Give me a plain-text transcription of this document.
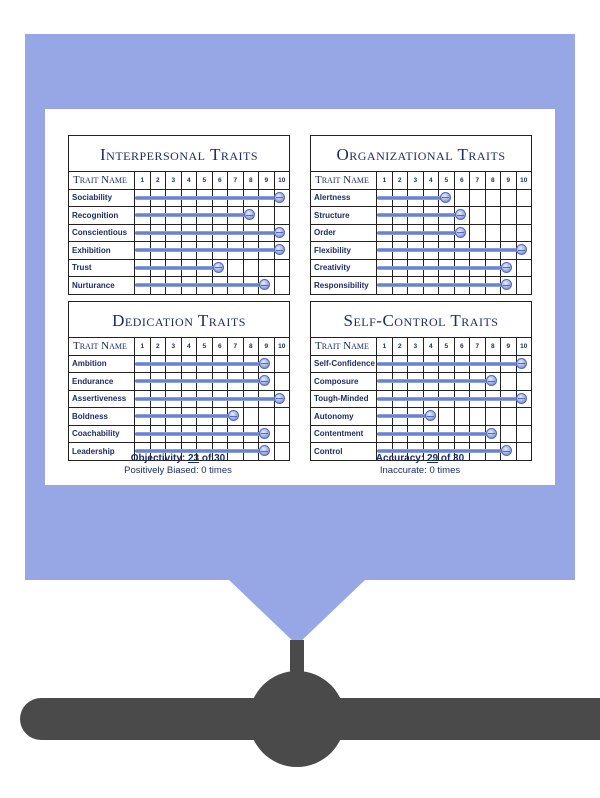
Interpersonal Traits
Trait Name	1	2	3	4	5	6	7	8	9	10
Sociability
Recognition
Conscientious
Exhibition
Trust
Nurturance
Organizational Traits
Trait Name	1	2	3	4	5	6	7	8	9	10
Alertness
Structure
Order
Flexibility
Creativity
Responsibility
Dedication Traits
Trait Name	1	2	3	4	5	6	7	8	9	10
Ambition
Endurance
Assertiveness
Boldness
Coachability
Leadership
Self-Control Traits
Trait Name	1	2	3	4	5	6	7	8	9	10
Self-Confidence
Composure
Tough-Minded
Autonomy
Contentment
Control
Objectivity: 23 of 30
Positively Biased: 0 times
Accuracy: 29 of 30
Inaccurate: 0 times
